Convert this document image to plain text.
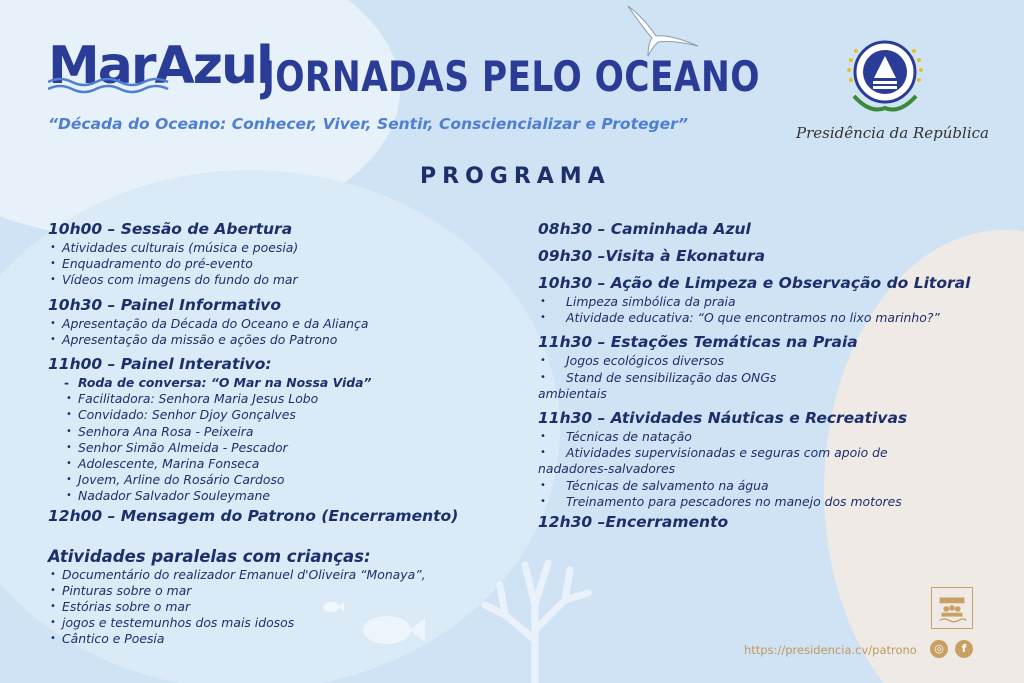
MarAzul
JORNADAS PELO OCEANO
“Década do Oceano: Conhecer, Viver, Sentir, Consciencializar e Proteger”	Presidência da República
PROGRAMA
10h00 – Sessão de Abertura
• Atividades culturais (música e poesia)
• Enquadramento do pré-evento
• Vídeos com imagens do fundo do mar
10h30 – Painel Informativo
• Apresentação da Década do Oceano e da Aliança
• Apresentação da missão e ações do Patrono
11h00 – Painel Interativo:
- Roda de conversa: “O Mar na Nossa Vida”
• Facilitadora: Senhora Maria Jesus Lobo
• Convidado: Senhor Djoy Gonçalves
• Senhora Ana Rosa - Peixeira
• Senhor Simão Almeida - Pescador
• Adolescente, Marina Fonseca
• Jovem, Arline do Rosário Cardoso
• Nadador Salvador Souleymane
12h00 – Mensagem do Patrono (Encerramento)
Atividades paralelas com crianças:
• Documentário do realizador Emanuel d'Oliveira “Monaya”,
• Pinturas sobre o mar
• Estórias sobre o mar
• jogos e testemunhos dos mais idosos
• Cântico e Poesia
08h30 – Caminhada Azul
09h30 –Visita à Ekonatura
10h30 – Ação de Limpeza e Observação do Litoral
• Limpeza simbólica da praia
• Atividade educativa: “O que encontramos no lixo marinho?”
11h30 – Estações Temáticas na Praia
• Jogos ecológicos diversos
• Stand de sensibilização das ONGs
ambientais
11h30 – Atividades Náuticas e Recreativas
• Técnicas de natação
• Atividades supervisionadas e seguras com apoio de
nadadores-salvadores
• Técnicas de salvamento na água
• Treinamento para pescadores no manejo dos motores
12h30 –Encerramento
https://presidencia.cv/patrono	◎	f
